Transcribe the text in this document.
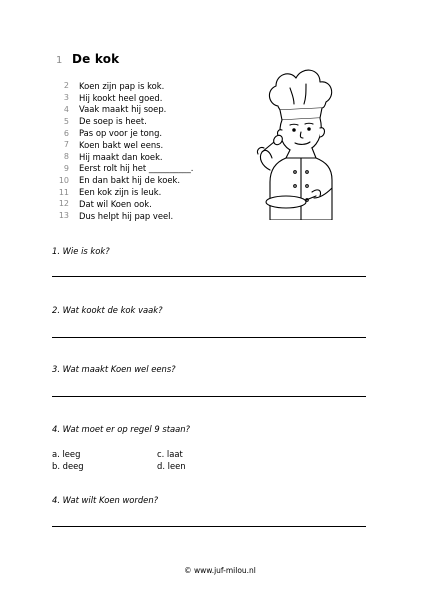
1 De kok
2 Koen zijn pap is kok.
3 Hij kookt heel goed.
4 Vaak maakt hij soep.
5 De soep is heet.
6 Pas op voor je tong.
7 Koen bakt wel eens.
8 Hij maakt dan koek.
9 Eerst rolt hij het __________.
10 En dan bakt hij de koek.
11 Een kok zijn is leuk.
12 Dat wil Koen ook.
13 Dus helpt hij pap veel.
1. Wie is kok?
2. Wat kookt de kok vaak?
3. Wat maakt Koen wel eens?
4. Wat moet er op regel 9 staan?
a. leeg	c. laat
b. deeg	d. leen
4. Wat wilt Koen worden?
© www.juf-milou.nl
